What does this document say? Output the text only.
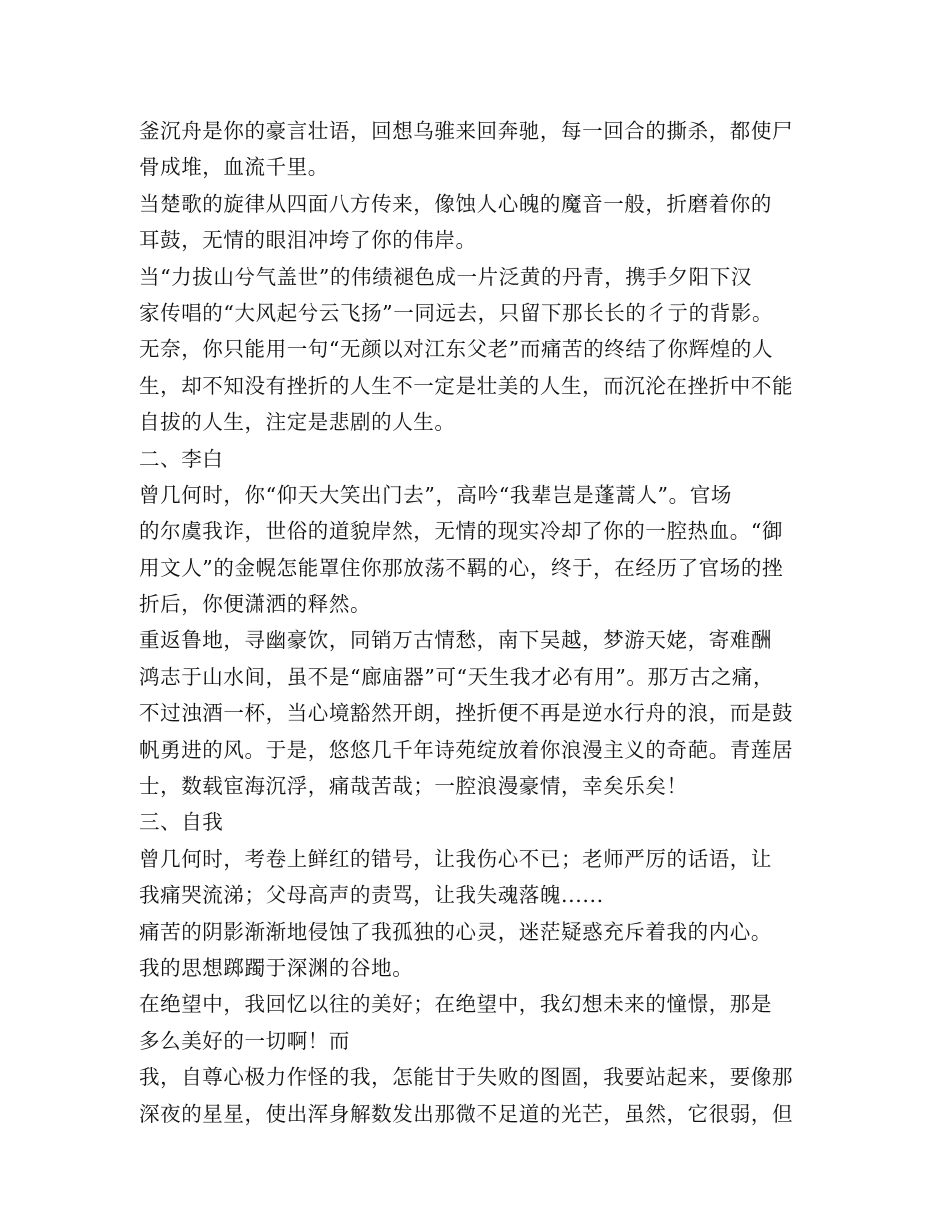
釜沉舟是你的豪言壮语，回想乌骓来回奔驰，每一回合的撕杀，都使尸
骨成堆，血流千里。
当楚歌的旋律从四面八方传来，像蚀人心魄的魔音一般，折磨着你的
耳鼓，无情的眼泪冲垮了你的伟岸。
当“力拔山兮气盖世”的伟绩褪色成一片泛黄的丹青，携手夕阳下汉
家传唱的“大风起兮云飞扬”一同远去，只留下那长长的彳亍的背影。
无奈，你只能用一句“无颜以对江东父老”而痛苦的终结了你辉煌的人
生，却不知没有挫折的人生不一定是壮美的人生，而沉沦在挫折中不能
自拔的人生，注定是悲剧的人生。
二、李白
曾几何时，你“仰天大笑出门去”，高吟“我辈岂是蓬蒿人”。官场
的尔虞我诈，世俗的道貌岸然，无情的现实冷却了你的一腔热血。“御
用文人”的金幌怎能罩住你那放荡不羁的心，终于，在经历了官场的挫
折后，你便潇洒的释然。
重返鲁地，寻幽豪饮，同销万古情愁，南下吴越，梦游天姥，寄难酬
鸿志于山水间，虽不是“廊庙器”可“天生我才必有用”。那万古之痛，
不过浊酒一杯，当心境豁然开朗，挫折便不再是逆水行舟的浪，而是鼓
帆勇进的风。于是，悠悠几千年诗苑绽放着你浪漫主义的奇葩。青莲居
士，数载宦海沉浮，痛哉苦哉；一腔浪漫豪情，幸矣乐矣！
三、自我
曾几何时，考卷上鲜红的错号，让我伤心不已；老师严厉的话语，让
我痛哭流涕；父母高声的责骂，让我失魂落魄......
痛苦的阴影渐渐地侵蚀了我孤独的心灵，迷茫疑惑充斥着我的内心。
我的思想踯躅于深渊的谷地。
在绝望中，我回忆以往的美好；在绝望中，我幻想未来的憧憬，那是
多么美好的一切啊！而
我，自尊心极力作怪的我，怎能甘于失败的图圄，我要站起来，要像那
深夜的星星，使出浑身解数发出那微不足道的光芒，虽然，它很弱，但
